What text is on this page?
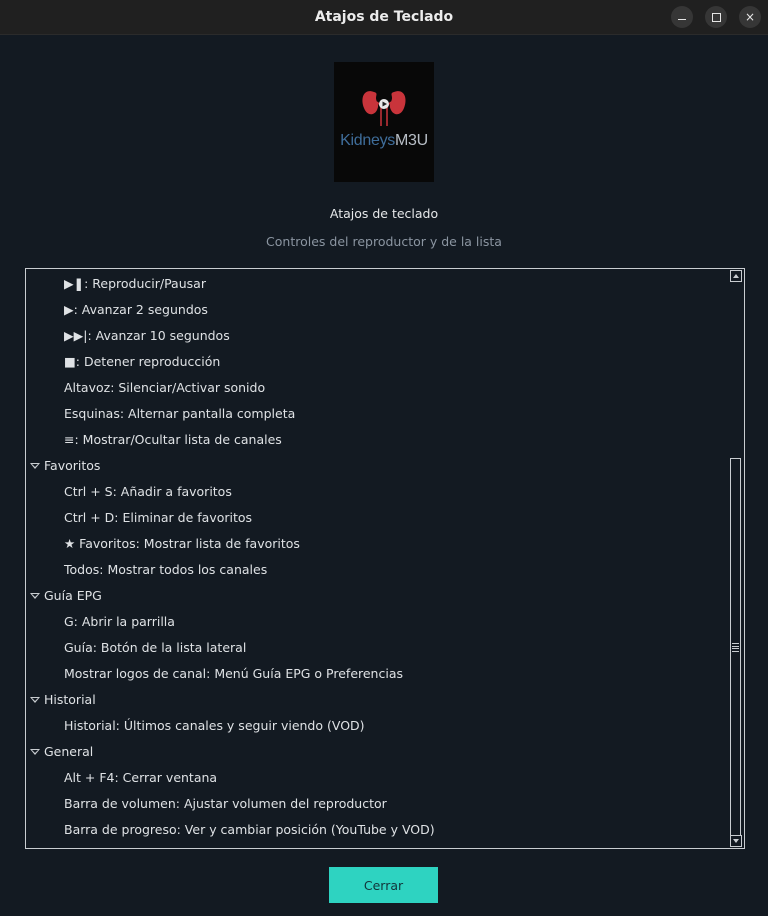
Atajos de Teclado	×
KidneysM3U
Atajos de teclado
Controles del reproductor y de la lista
▶❚: Reproducir/Pausar
▶: Avanzar 2 segundos
▶▶|: Avanzar 10 segundos
■: Detener reproducción
Altavoz: Silenciar/Activar sonido
Esquinas: Alternar pantalla completa
≡: Mostrar/Ocultar lista de canales
Favoritos
Ctrl + S: Añadir a favoritos
Ctrl + D: Eliminar de favoritos
★ Favoritos: Mostrar lista de favoritos
Todos: Mostrar todos los canales
Guía EPG
G: Abrir la parrilla
Guía: Botón de la lista lateral
Mostrar logos de canal: Menú Guía EPG o Preferencias
Historial
Historial: Últimos canales y seguir viendo (VOD)
General
Alt + F4: Cerrar ventana
Barra de volumen: Ajustar volumen del reproductor
Barra de progreso: Ver y cambiar posición (YouTube y VOD)
Cerrar
